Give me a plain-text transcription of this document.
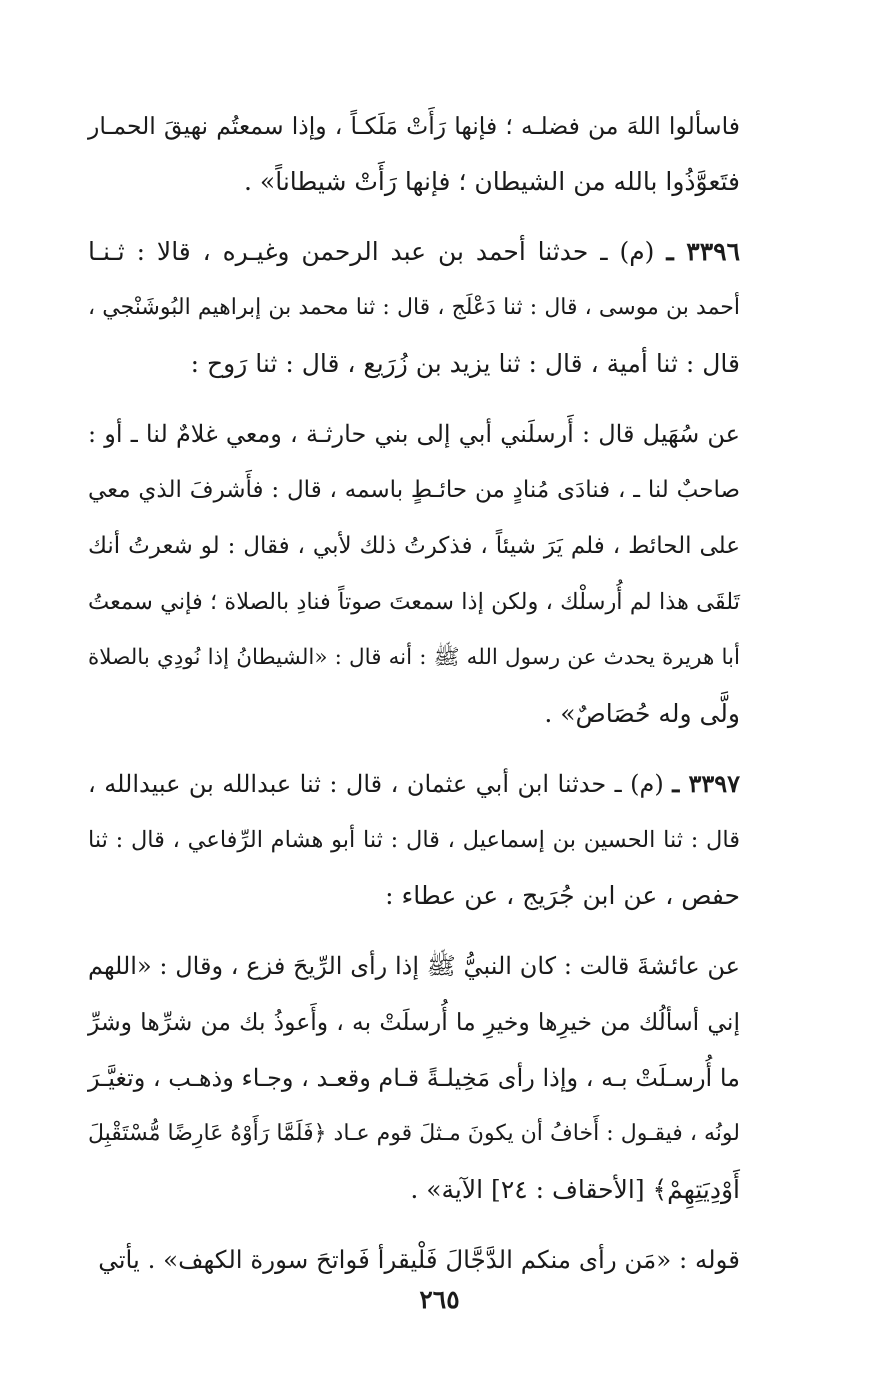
فاسألوا اللهَ من فضلـه ؛ فإنها رَأَتْ مَلَكـاً ، وإذا سمعتُم نهيقَ الحمـار
فتَعوَّذُوا بالله من الشيطان ؛ فإنها رَأَتْ شيطاناً» .
٣٣٩٦ ـ (م) ـ حدثنا أحمد بن عبد الرحمن وغيـره ، قالا : ثـنـا
أحمد بن موسى ، قال : ثنا دَعْلَج ، قال : ثنا محمد بن إبراهيم البُوشَنْجي ،
قال : ثنا أمية ، قال : ثنا يزيد بن زُرَيع ، قال : ثنا رَوح :
عن سُهَيل قال : أَرسلَني أبي إلى بني حارثـة ، ومعي غلامٌ لنا ـ أو :
صاحبٌ لنا ـ ، فنادَى مُنادٍ من حائـطٍ باسمه ، قال : فأَشرفَ الذي معي
على الحائط ، فلم يَرَ شيئاً ، فذكرتُ ذلك لأبي ، فقال : لو شعرتُ أنك
تَلقَى هذا لم أُرسلْك ، ولكن إذا سمعتَ صوتاً فنادِ بالصلاة ؛ فإني سمعتُ
أبا هريرة يحدث عن رسول الله ﷺ : أنه قال : «الشيطانُ إذا نُودِي بالصلاة
ولَّى وله حُصَاصٌ» .
٣٣٩٧ ـ (م) ـ حدثنا ابن أبي عثمان ، قال : ثنا عبدالله بن عبيدالله ،
قال : ثنا الحسين بن إسماعيل ، قال : ثنا أبو هشام الرِّفاعي ، قال : ثنا
حفص ، عن ابن جُرَيج ، عن عطاء :
عن عائشةَ قالت : كان النبيُّ ﷺ إذا رأى الرِّيحَ فزع ، وقال : «اللهم
إني أسألُك من خيرِها وخيرِ ما أُرسلَتْ به ، وأَعوذُ بك من شرِّها وشرِّ
ما أُرسـلَتْ بـه ، وإذا رأى مَخِيلـةً قـام وقعـد ، وجـاء وذهـب ، وتغيَّـرَ
لونُه ، فيقـول : أَخافُ أن يكونَ مـثلَ قوم عـاد ﴿فَلَمَّا رَأَوْهُ عَارِضًا مُّسْتَقْبِلَ
أَوْدِيَتِهِمْ﴾ [الأحقاف : ٢٤] الآية» .
قوله : «مَن رأى منكم الدَّجَّالَ فَلْيقرأ فَواتحَ سورة الكهف» . يأتي
٢٦٥
